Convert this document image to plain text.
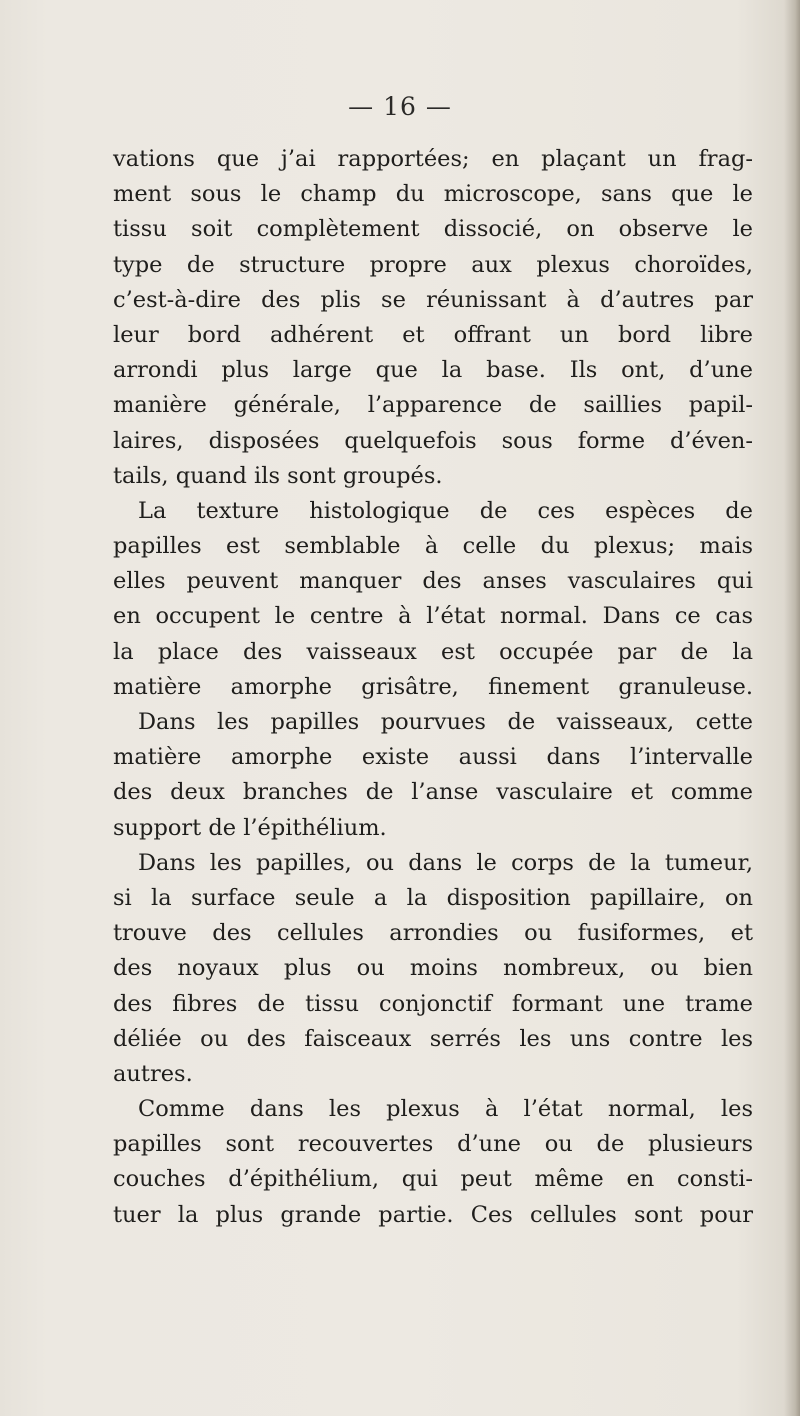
— 16 —
vations que j’ai rapportées; en plaçant un frag-
ment sous le champ du microscope, sans que le
tissu soit complètement dissocié, on observe le
type de structure propre aux plexus choroïdes,
c’est-à-dire des plis se réunissant à d’autres par
leur bord adhérent et offrant un bord libre
arrondi plus large que la base. Ils ont, d’une
manière générale, l’apparence de saillies papil-
laires, disposées quelquefois sous forme d’éven-
tails, quand ils sont groupés.
La texture histologique de ces espèces de
papilles est semblable à celle du plexus; mais
elles peuvent manquer des anses vasculaires qui
en occupent le centre à l’état normal. Dans ce cas
la place des vaisseaux est occupée par de la
matière amorphe grisâtre, finement granuleuse.
Dans les papilles pourvues de vaisseaux, cette
matière amorphe existe aussi dans l’intervalle
des deux branches de l’anse vasculaire et comme
support de l’épithélium.
Dans les papilles, ou dans le corps de la tumeur,
si la surface seule a la disposition papillaire, on
trouve des cellules arrondies ou fusiformes, et
des noyaux plus ou moins nombreux, ou bien
des fibres de tissu conjonctif formant une trame
déliée ou des faisceaux serrés les uns contre les
autres.
Comme dans les plexus à l’état normal, les
papilles sont recouvertes d’une ou de plusieurs
couches d’épithélium, qui peut même en consti-
tuer la plus grande partie. Ces cellules sont pour
